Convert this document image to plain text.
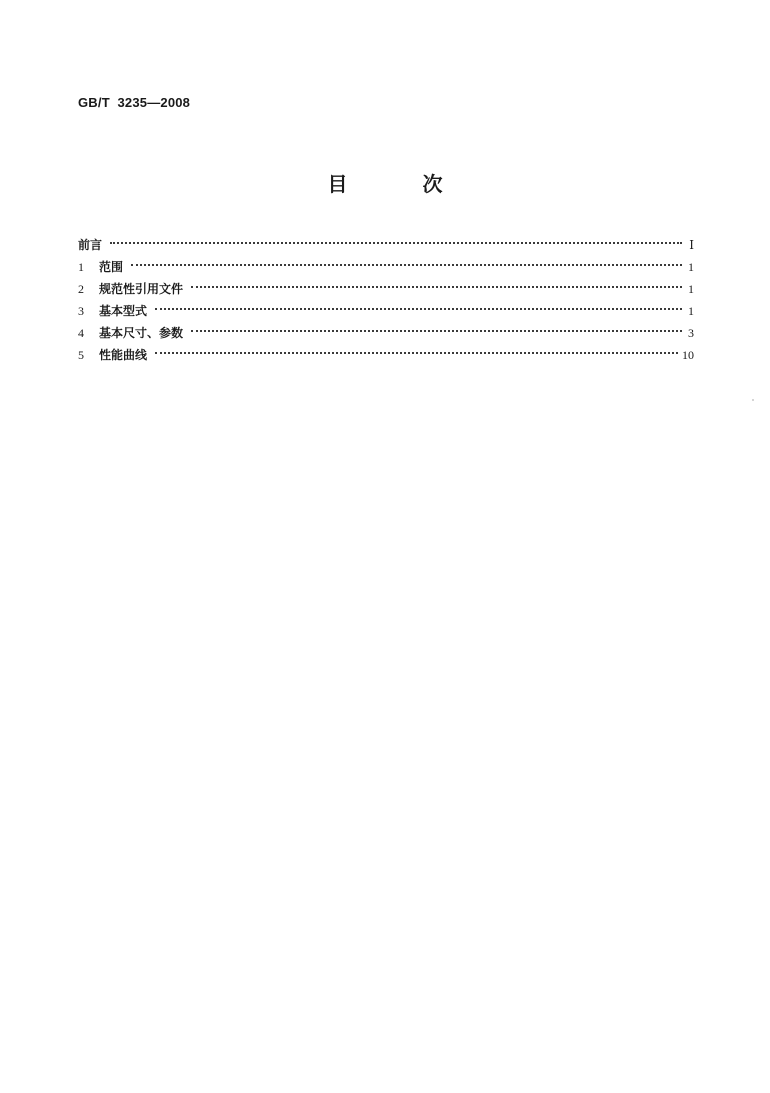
GB/T  3235—2008
目 次
前言	Ⅰ
1	范围	1
2	规范性引用文件	1
3	基本型式	1
4	基本尺寸、参数	3
5	性能曲线	10
